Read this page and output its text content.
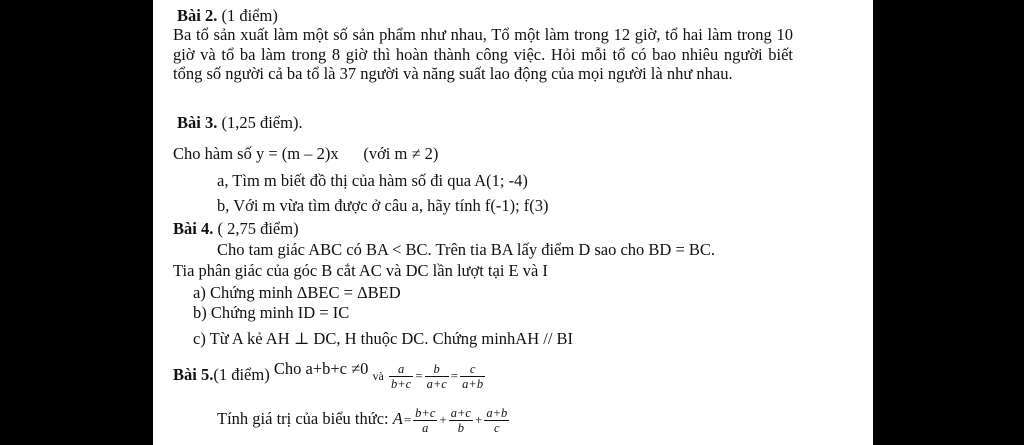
Bài 2. (1 điểm)
Ba tổ sản xuất làm một số sản phẩm như nhau, Tổ một làm trong 12 giờ, tổ hai làm trong 10 giờ và tổ ba làm trong 8 giờ thì hoàn thành công việc. Hỏi mỗi tổ có bao nhiêu người biết tổng số người cả ba tổ là 37 người và năng suất lao động của mọi người là như nhau.
Bài 3. (1,25 điểm).
Cho hàm số y = (m – 2)x      (với m ≠ 2)
a, Tìm m biết đồ thị của hàm số đi qua A(1; -4)
b, Với m vừa tìm được ở câu a, hãy tính f(-1); f(3)
Bài 4. ( 2,75 điểm)
Cho tam giác ABC có BA < BC. Trên tia BA lấy điểm D sao cho BD = BC.
Tia phân giác của góc B cắt AC và DC lần lượt tại E và I
a) Chứng minh ΔBEC = ΔBED
b) Chứng minh ID = IC
c) Từ A kẻ AH ⊥ DC, H thuộc DC. Chứng minhAH // BI
Bài 5.(1 điểm) Cho a+b+c ≠0 và $\frac{a}{b+c} = \frac{b}{a+c} = \frac{c}{a+b}$
Tính giá trị của biểu thức: $A= \frac{b+c}{a} + \frac{a+c}{b} + \frac{a+b}{c}$
